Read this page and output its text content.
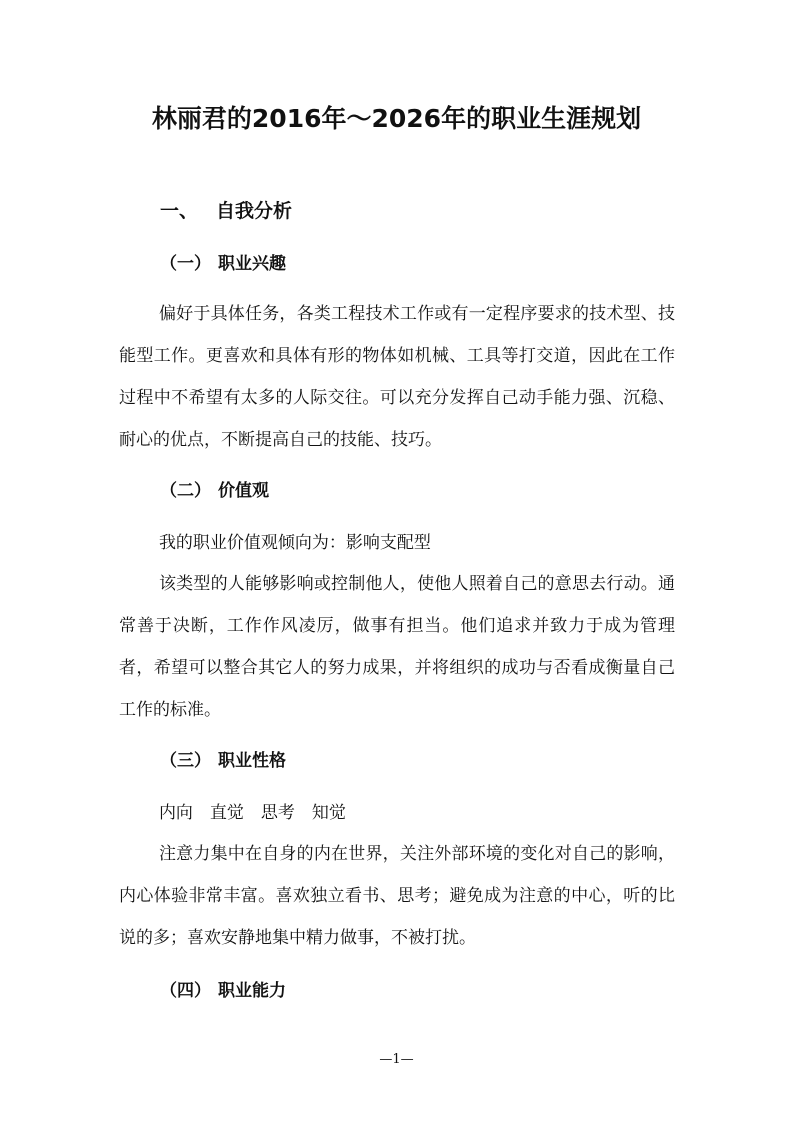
林丽君的2016年～2026年的职业生涯规划
一、 自我分析
（一） 职业兴趣

偏好于具体任务，各类工程技术工作或有一定程序要求的技术型、技能型工作。更喜欢和具体有形的物体如机械、工具等打交道，因此在工作过程中不希望有太多的人际交往。可以充分发挥自己动手能力强、沉稳、耐心的优点，不断提高自己的技能、技巧。

（二） 价值观

我的职业价值观倾向为：影响支配型

该类型的人能够影响或控制他人，使他人照着自己的意思去行动。通常善于决断，工作作风凌厉，做事有担当。他们追求并致力于成为管理者，希望可以整合其它人的努力成果，并将组织的成功与否看成衡量自己工作的标准。

（三） 职业性格

内向　直觉　思考　知觉

注意力集中在自身的内在世界，关注外部环境的变化对自己的影响，内心体验非常丰富。喜欢独立看书、思考；避免成为注意的中心，听的比说的多；喜欢安静地集中精力做事，不被打扰。

（四） 职业能力
—1—
